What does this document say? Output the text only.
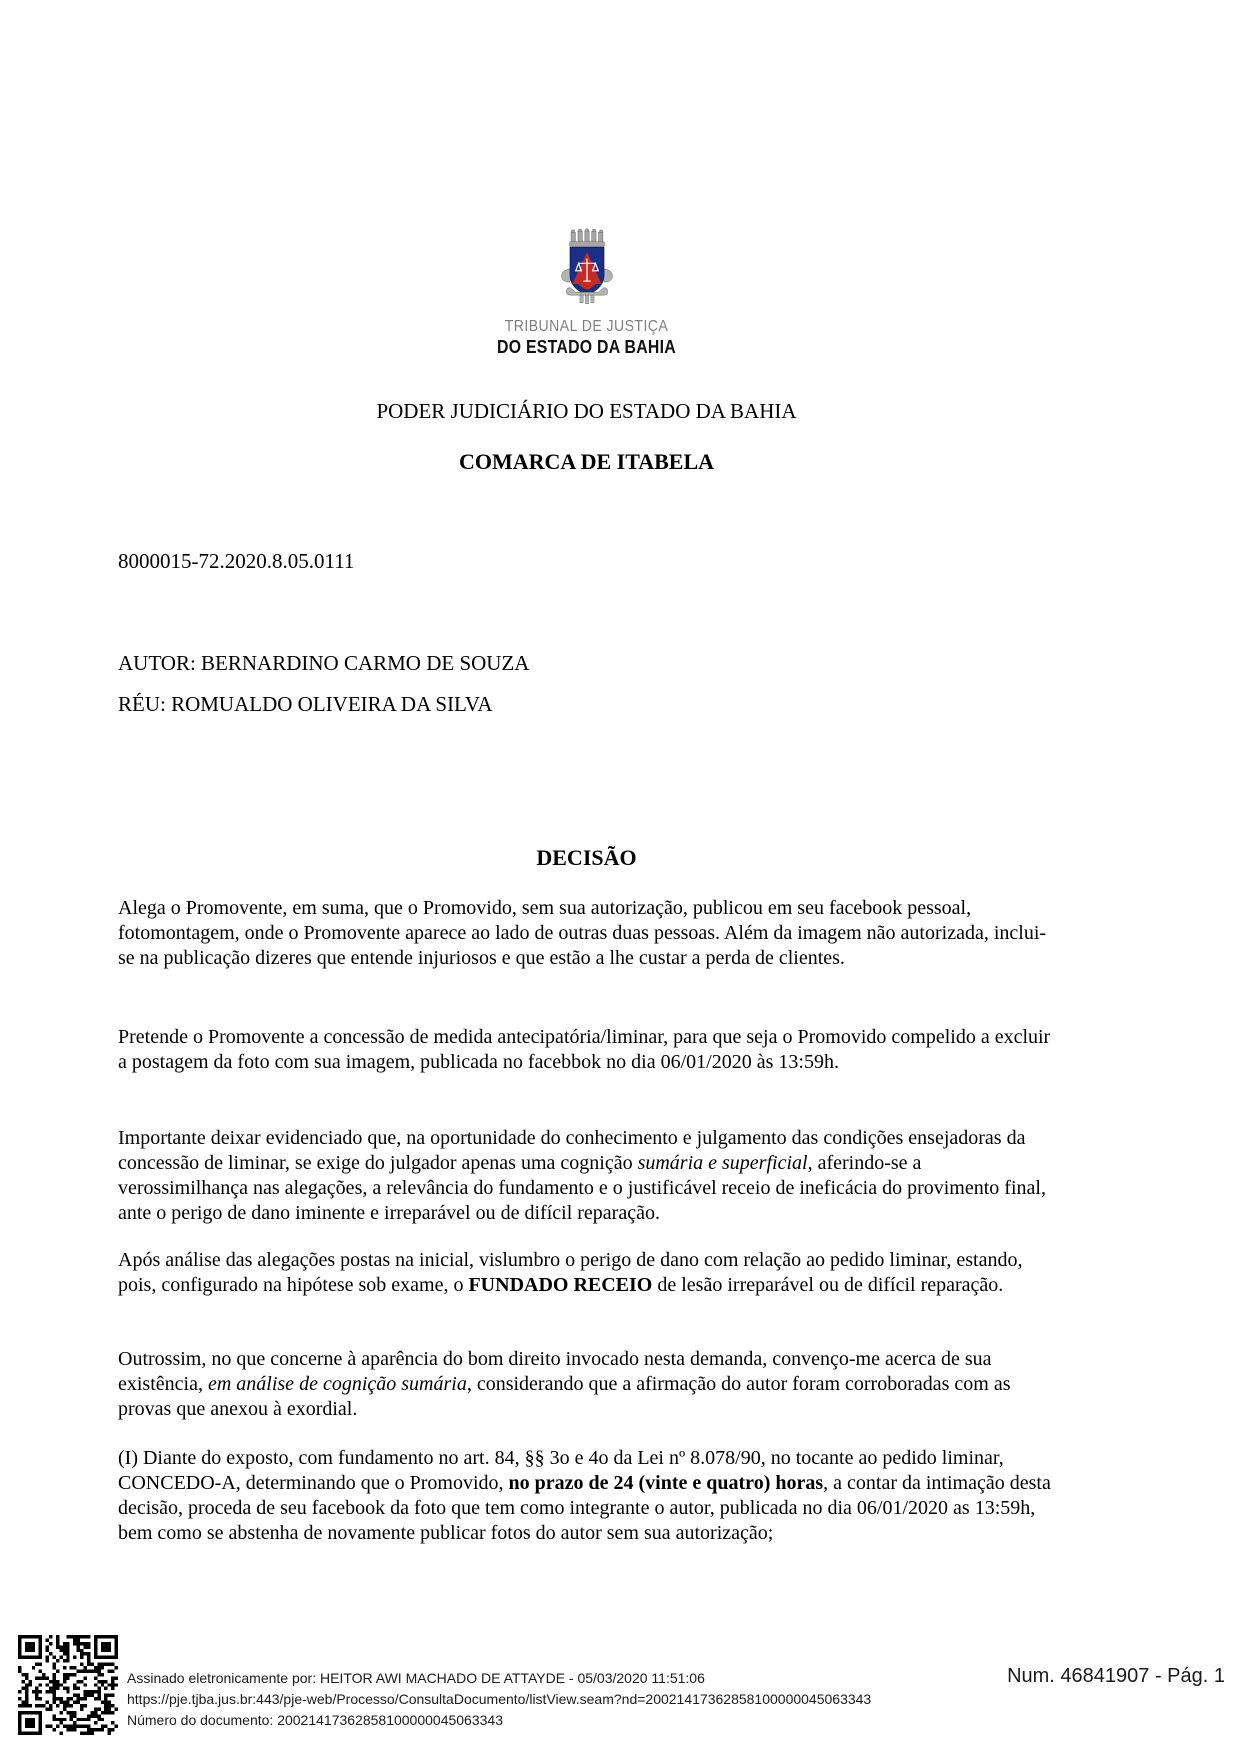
TRIBUNAL DE JUSTIÇA
DO ESTADO DA BAHIA
PODER JUDICIÁRIO DO ESTADO DA BAHIA
COMARCA DE ITABELA
8000015-72.2020.8.05.0111
AUTOR: BERNARDINO CARMO DE SOUZA
RÉU: ROMUALDO OLIVEIRA DA SILVA
DECISÃO

Alega o Promovente, em suma, que o Promovido, sem sua autorização, publicou em seu facebook pessoal, fotomontagem, onde o Promovente aparece ao lado de outras duas pessoas. Além da imagem não autorizada, inclui-se na publicação dizeres que entende injuriosos e que estão a lhe custar a perda de clientes.

Pretende o Promovente a concessão de medida antecipatória/liminar, para que seja o Promovido compelido a excluir a postagem da foto com sua imagem, publicada no facebbok no dia 06/01/2020 às 13:59h.

Importante deixar evidenciado que, na oportunidade do conhecimento e julgamento das condições ensejadoras da concessão de liminar, se exige do julgador apenas uma cognição sumária e superficial, aferindo-se a verossimilhança nas alegações, a relevância do fundamento e o justificável receio de ineficácia do provimento final, ante o perigo de dano iminente e irreparável ou de difícil reparação.

Após análise das alegações postas na inicial, vislumbro o perigo de dano com relação ao pedido liminar, estando, pois, configurado na hipótese sob exame, o FUNDADO RECEIO de lesão irreparável ou de difícil reparação.

Outrossim, no que concerne à aparência do bom direito invocado nesta demanda, convenço-me acerca de sua existência, em análise de cognição sumária, considerando que a afirmação do autor foram corroboradas com as provas que anexou à exordial.

(I) Diante do exposto, com fundamento no art. 84, §§ 3o e 4o da Lei nº 8.078/90, no tocante ao pedido liminar, CONCEDO-A, determinando que o Promovido, no prazo de 24 (vinte e quatro) horas, a contar da intimação desta decisão, proceda de seu facebook da foto que tem como integrante o autor, publicada no dia 06/01/2020 as 13:59h, bem como se abstenha de novamente publicar fotos do autor sem sua autorização;

Assinado eletronicamente por: HEITOR AWI MACHADO DE ATTAYDE - 05/03/2020 11:51:06
https://pje.tjba.jus.br:443/pje-web/Processo/ConsultaDocumento/listView.seam?nd=20021417362858100000045063343
Número do documento: 20021417362858100000045063343
Num. 46841907 - Pág. 1
